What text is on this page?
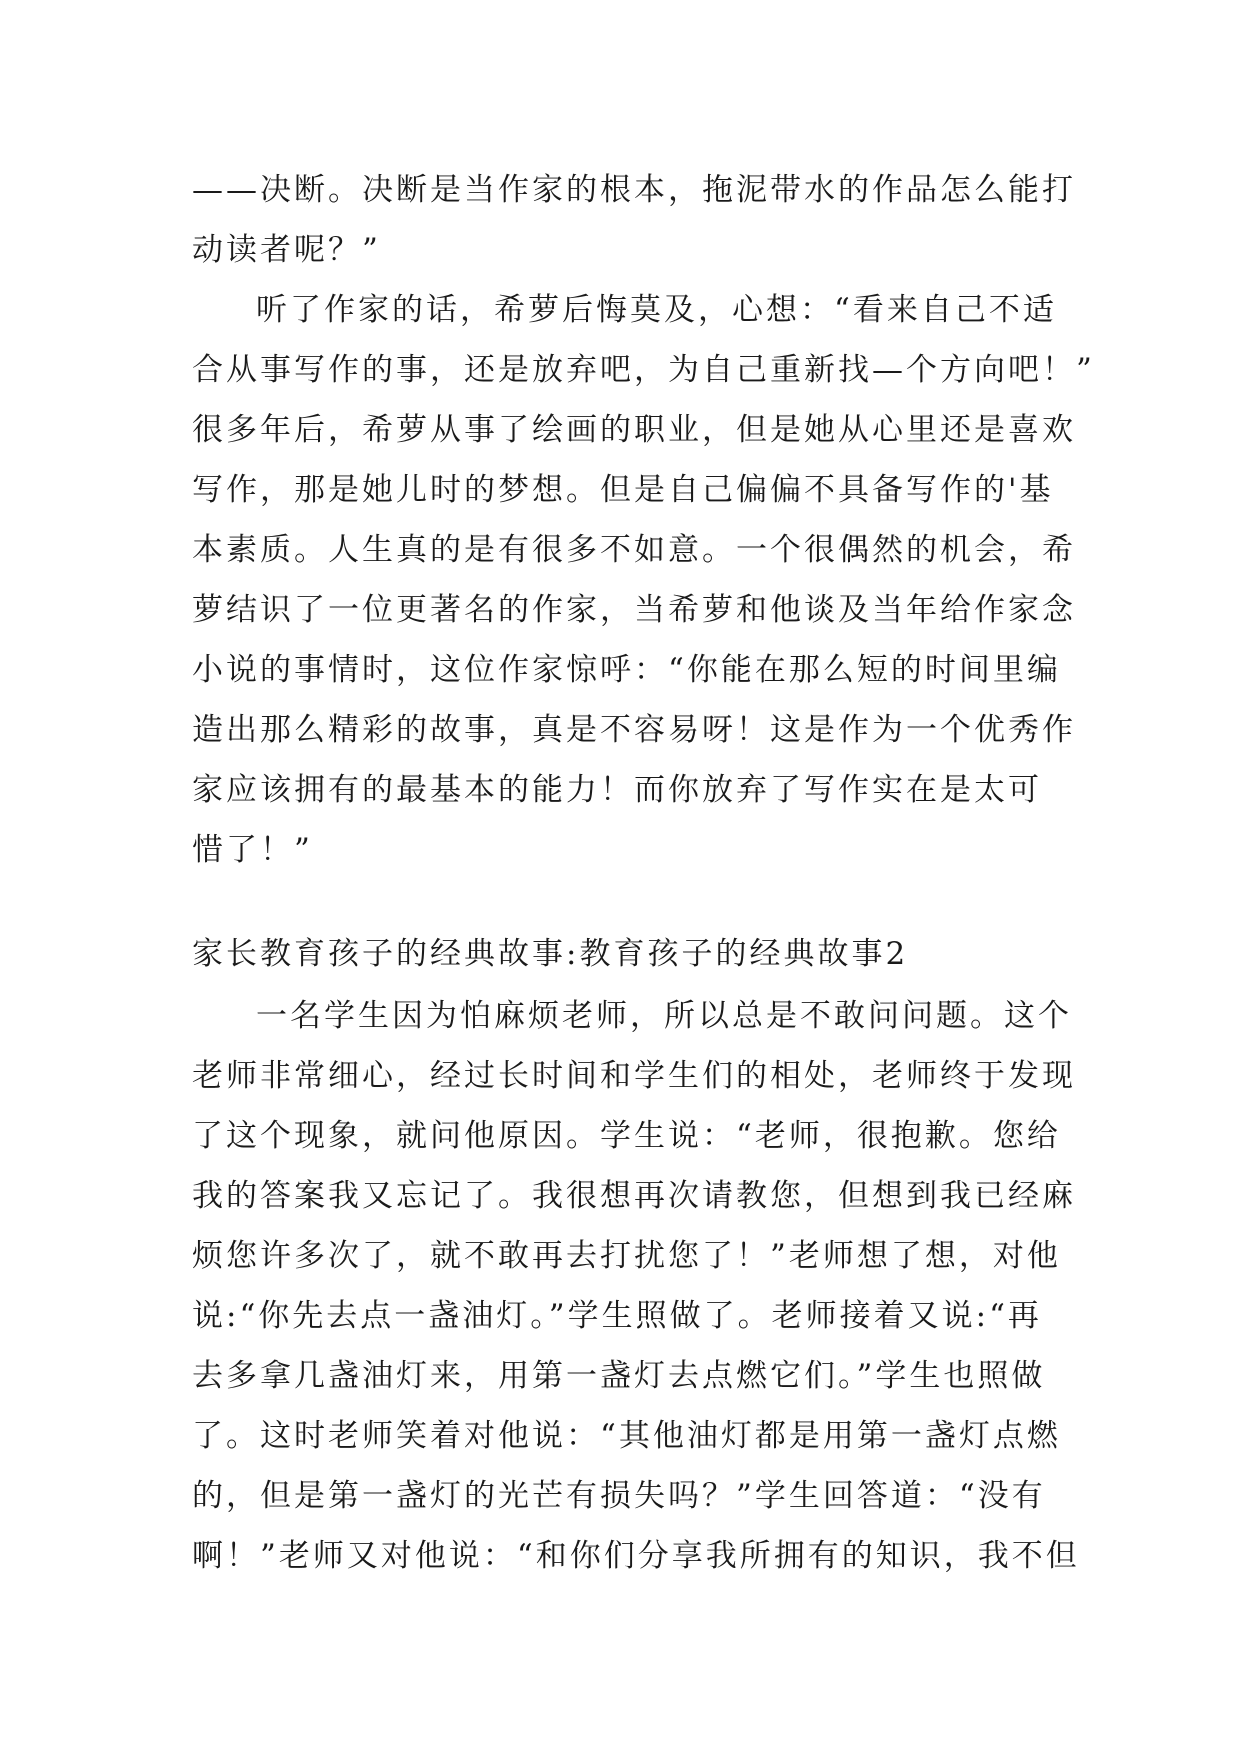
——决断。决断是当作家的根本，拖泥带水的作品怎么能打
动读者呢？”
听了作家的话，希萝后悔莫及，心想：“看来自己不适
合从事写作的事，还是放弃吧，为自己重新找—个方向吧！”
很多年后，希萝从事了绘画的职业，但是她从心里还是喜欢
写作，那是她儿时的梦想。但是自己偏偏不具备写作的'基
本素质。人生真的是有很多不如意。一个很偶然的机会，希
萝结识了一位更著名的作家，当希萝和他谈及当年给作家念
小说的事情时，这位作家惊呼：“你能在那么短的时间里编
造出那么精彩的故事，真是不容易呀！这是作为一个优秀作
家应该拥有的最基本的能力！而你放弃了写作实在是太可
惜了！”
家长教育孩子的经典故事:教育孩子的经典故事2
一名学生因为怕麻烦老师，所以总是不敢问问题。这个
老师非常细心，经过长时间和学生们的相处，老师终于发现
了这个现象，就问他原因。学生说：“老师，很抱歉。您给
我的答案我又忘记了。我很想再次请教您，但想到我已经麻
烦您许多次了，就不敢再去打扰您了！”老师想了想，对他
说:“你先去点一盏油灯。”学生照做了。老师接着又说:“再
去多拿几盏油灯来，用第一盏灯去点燃它们。”学生也照做
了。这时老师笑着对他说：“其他油灯都是用第一盏灯点燃
的，但是第一盏灯的光芒有损失吗？”学生回答道：“没有
啊！”老师又对他说：“和你们分享我所拥有的知识，我不但
